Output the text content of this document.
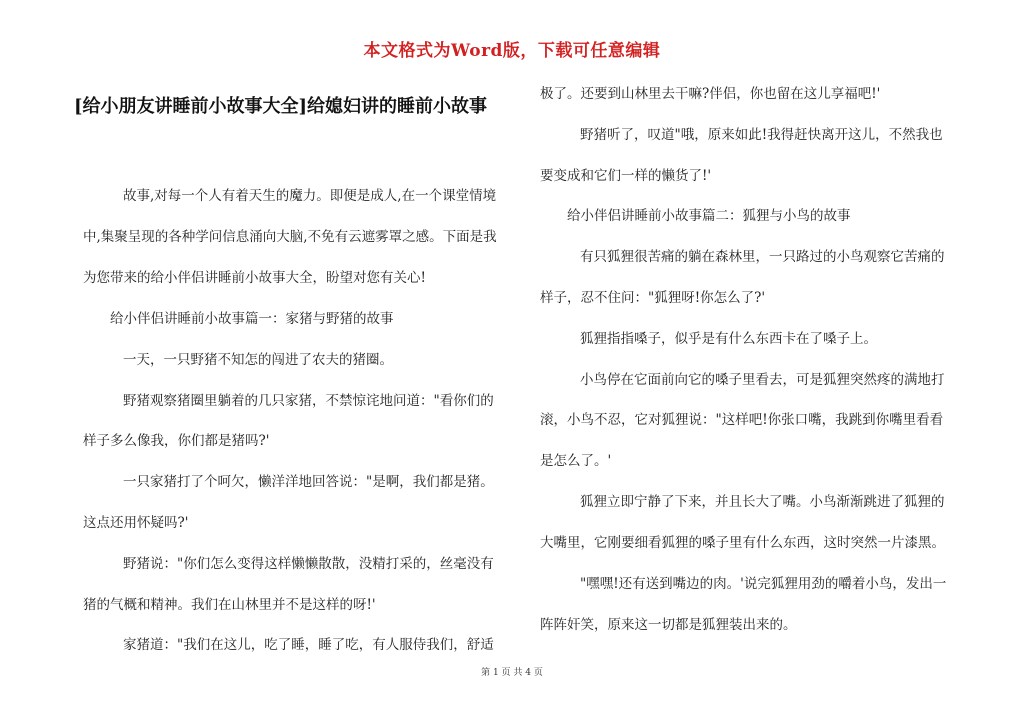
本文格式为Word版，下载可任意编辑
[给小朋友讲睡前小故事大全]给媳妇讲的睡前小故事
故事,对每一个人有着天生的魔力。即便是成人,在一个课堂情境
中,集聚呈现的各种学问信息涌向大脑,不免有云遮雾罩之感。下面是我
为您带来的给小伴侣讲睡前小故事大全，盼望对您有关心!
给小伴侣讲睡前小故事篇一：家猪与野猪的故事
一天，一只野猪不知怎的闯进了农夫的猪圈。
野猪观察猪圈里躺着的几只家猪，不禁惊诧地问道："看你们的
样子多么像我，你们都是猪吗?'
一只家猪打了个呵欠，懒洋洋地回答说："是啊，我们都是猪。
这点还用怀疑吗?'
野猪说："你们怎么变得这样懒懒散散，没精打采的，丝毫没有
猪的气概和精神。我们在山林里并不是这样的呀!'
家猪道："我们在这儿，吃了睡，睡了吃，有人服侍我们，舒适
极了。还要到山林里去干嘛?伴侣，你也留在这儿享福吧!'
野猪听了，叹道"哦，原来如此!我得赶快离开这儿，不然我也
要变成和它们一样的懒货了!'
给小伴侣讲睡前小故事篇二：狐狸与小鸟的故事
有只狐狸很苦痛的躺在森林里，一只路过的小鸟观察它苦痛的
样子，忍不住问："狐狸呀!你怎么了?'
狐狸指指嗓子，似乎是有什么东西卡在了嗓子上。
小鸟停在它面前向它的嗓子里看去，可是狐狸突然疼的满地打
滚，小鸟不忍，它对狐狸说："这样吧!你张口嘴，我跳到你嘴里看看
是怎么了。'
狐狸立即宁静了下来，并且长大了嘴。小鸟渐渐跳进了狐狸的
大嘴里，它刚要细看狐狸的嗓子里有什么东西，这时突然一片漆黑。
"嘿嘿!还有送到嘴边的肉。'说完狐狸用劲的嚼着小鸟，发出一
阵阵奸笑，原来这一切都是狐狸装出来的。
第 1 页 共 4 页
